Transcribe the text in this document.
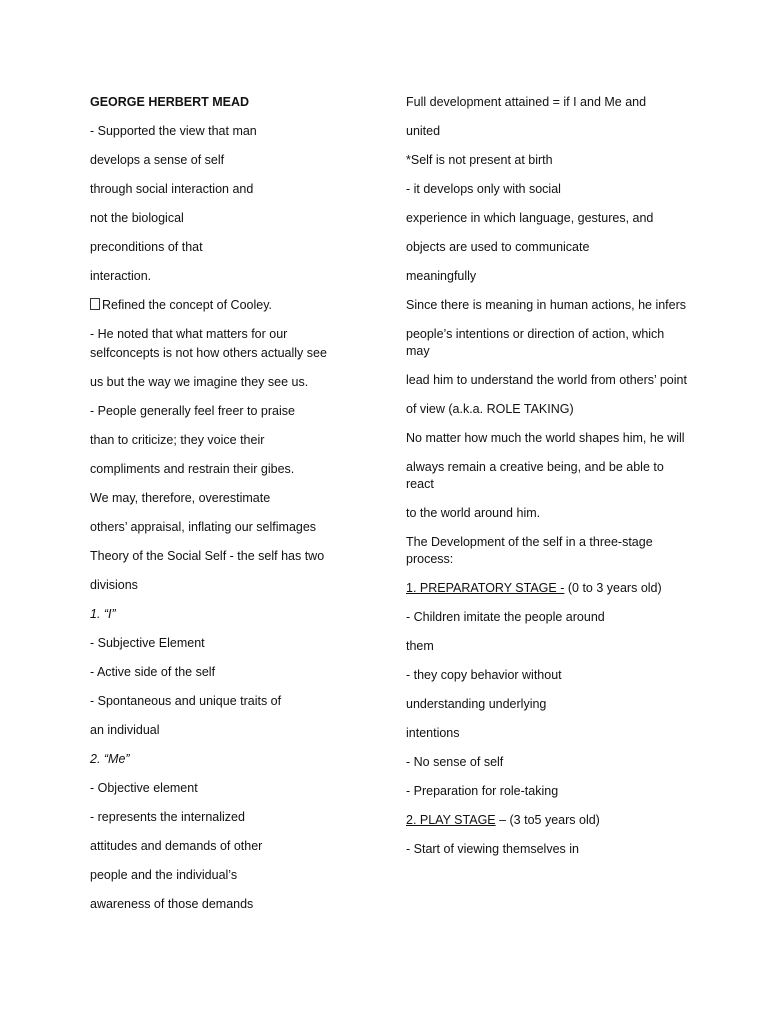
GEORGE HERBERT MEAD
- Supported the view that man
develops a sense of self
through social interaction and
not the biological
preconditions of that
interaction.
Refined the concept of Cooley.
- He noted that what matters for our
selfconcepts is not how others actually see
us but the way we imagine they see us.
- People generally feel freer to praise
than to criticize; they voice their
compliments and restrain their gibes.
We may, therefore, overestimate
others’ appraisal, inflating our selfimages
Theory of the Social Self - the self has two
divisions
1. “I”
- Subjective Element
- Active side of the self
- Spontaneous and unique traits of
an individual
2. “Me”
- Objective element
- represents the internalized
attitudes and demands of other
people and the individual’s
awareness of those demands
Full development attained = if I and Me and
united
*Self is not present at birth
- it develops only with social
experience in which language, gestures, and
objects are used to communicate
meaningfully
Since there is meaning in human actions, he infers
people’s intentions or direction of action, which may
lead him to understand the world from others’ point
of view (a.k.a. ROLE TAKING)
No matter how much the world shapes him, he will
always remain a creative being, and be able to react
to the world around him.
The Development of the self in a three-stage process:
1. PREPARATORY STAGE - (0 to 3 years old)
- Children imitate the people around
them
- they copy behavior without
understanding underlying
intentions
- No sense of self
- Preparation for role-taking
2. PLAY STAGE – (3 to5 years old)
- Start of viewing themselves in
